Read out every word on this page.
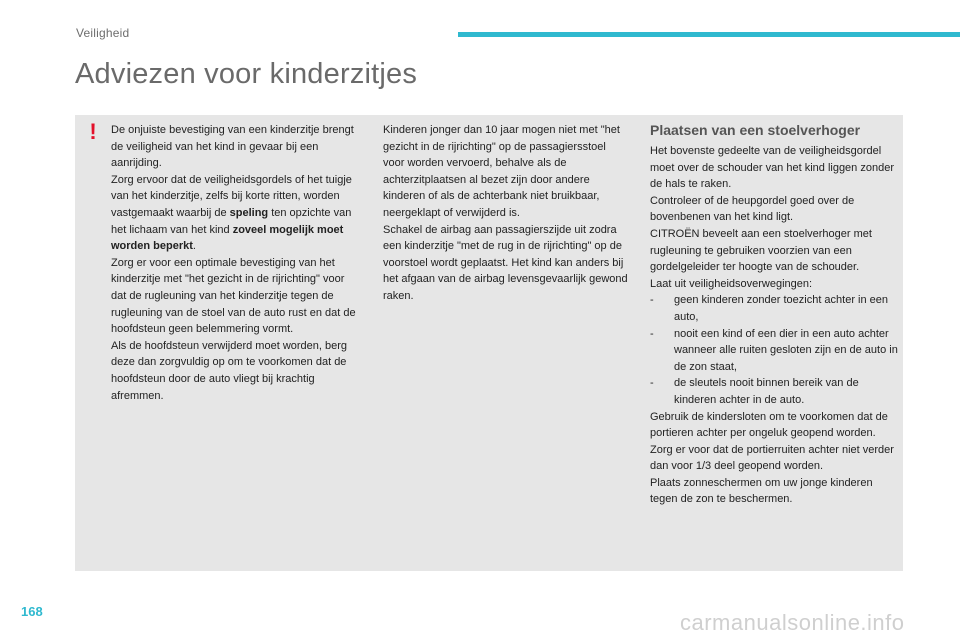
Veiligheid
Adviezen voor kinderzitjes
! De onjuiste bevestiging van een kinderzitje brengt de veiligheid van het kind in gevaar bij een aanrijding.

Zorg ervoor dat de veiligheidsgordels of het tuigje van het kinderzitje, zelfs bij korte ritten, worden vastgemaakt waarbij de speling ten opzichte van het lichaam van het kind zoveel mogelijk moet worden beperkt.

Zorg er voor een optimale bevestiging van het kinderzitje met "het gezicht in de rijrichting" voor dat de rugleuning van het kinderzitje tegen de rugleuning van de stoel van de auto rust en dat de hoofdsteun geen belemmering vormt.

Als de hoofdsteun verwijderd moet worden, berg deze dan zorgvuldig op om te voorkomen dat de hoofdsteun door de auto vliegt bij krachtig afremmen.

Kinderen jonger dan 10 jaar mogen niet met "het gezicht in de rijrichting" op de passagiersstoel voor worden vervoerd, behalve als de achterzitplaatsen al bezet zijn door andere kinderen of als de achterbank niet bruikbaar, neergeklapt of verwijderd is.

Schakel de airbag aan passagierszijde uit zodra een kinderzitje "met de rug in de rijrichting" op de voorstoel wordt geplaatst. Het kind kan anders bij het afgaan van de airbag levensgevaarlijk gewond raken.

Plaatsen van een stoelverhoger

Het bovenste gedeelte van de veiligheidsgordel moet over de schouder van het kind liggen zonder de hals te raken.

Controleer of de heupgordel goed over de bovenbenen van het kind ligt.

CITROËN beveelt aan een stoelverhoger met rugleuning te gebruiken voorzien van een gordelgeleider ter hoogte van de schouder.

Laat uit veiligheidsoverwegingen:

- geen kinderen zonder toezicht achter in een auto,
- nooit een kind of een dier in een auto achter wanneer alle ruiten gesloten zijn en de auto in de zon staat,
- de sleutels nooit binnen bereik van de kinderen achter in de auto.

Gebruik de kindersloten om te voorkomen dat de portieren achter per ongeluk geopend worden.

Zorg er voor dat de portierruiten achter niet verder dan voor 1/3 deel geopend worden.

Plaats zonneschermen om uw jonge kinderen tegen de zon te beschermen.

168	carmanualsonline.info
